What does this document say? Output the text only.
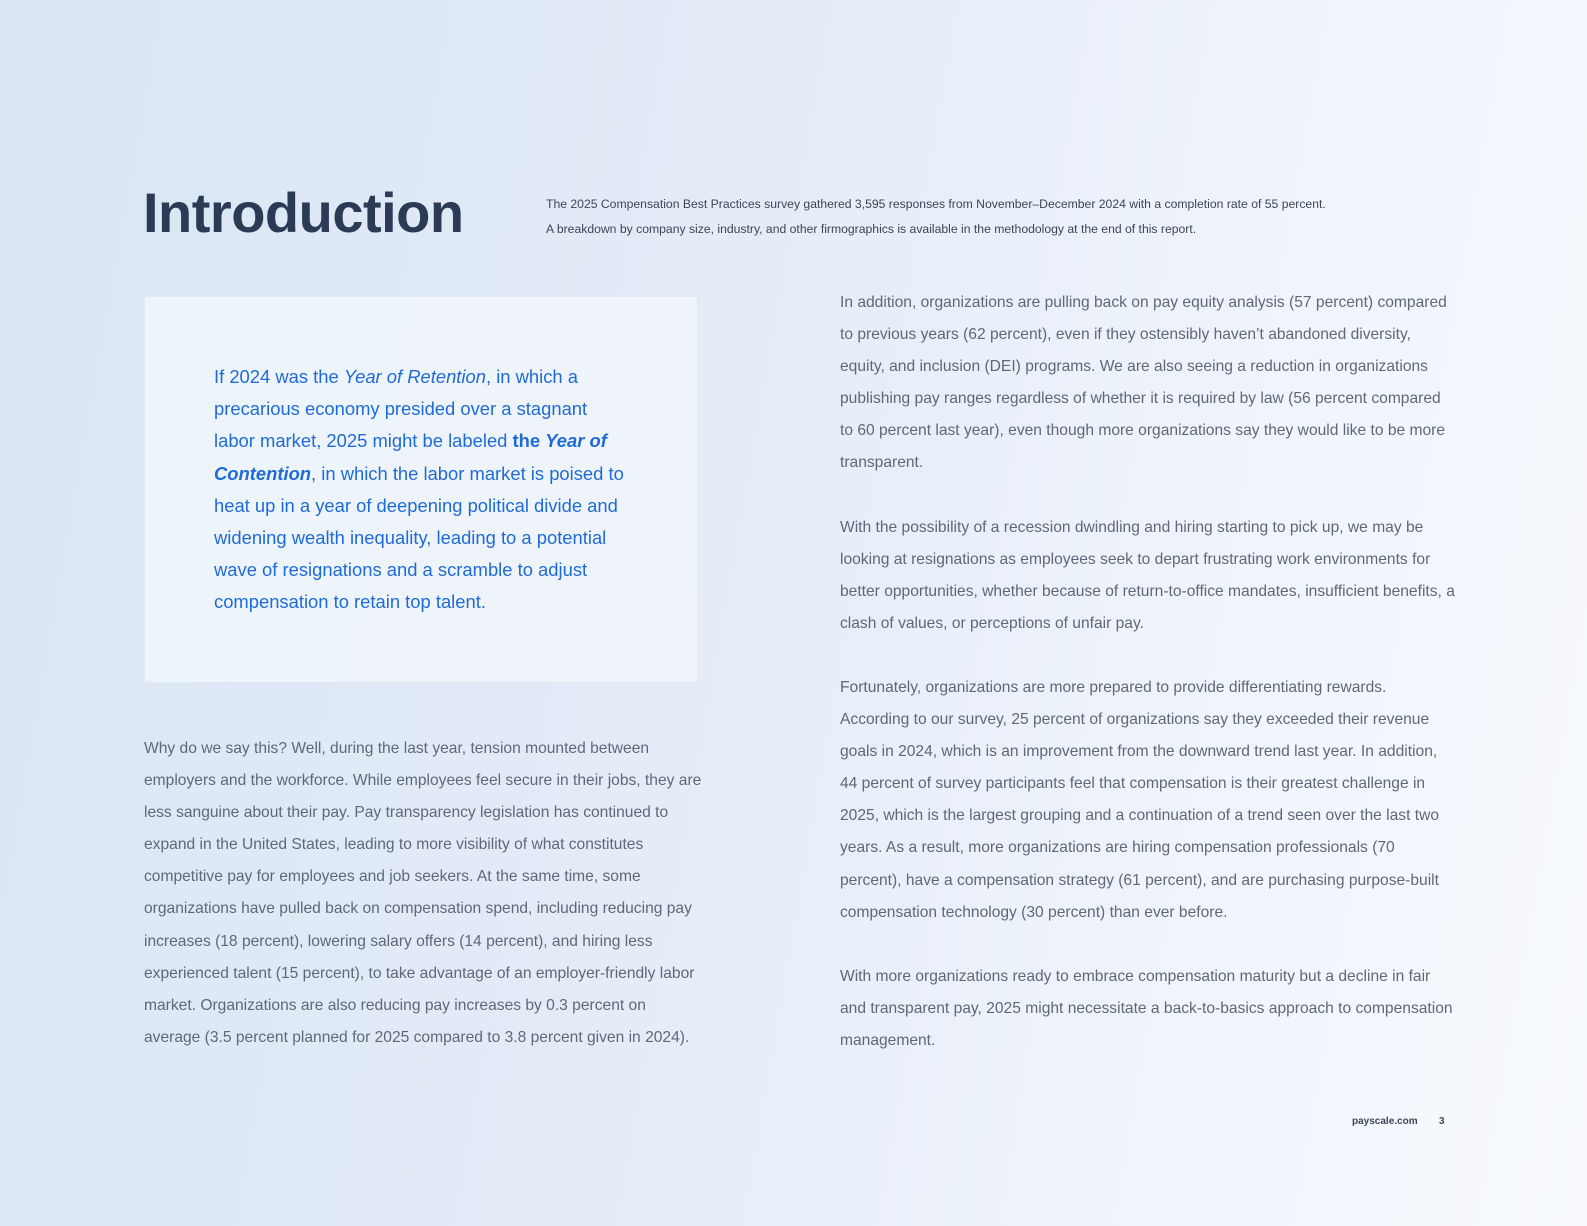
Introduction	The 2025 Compensation Best Practices survey gathered 3,595 responses from November–December 2024 with a completion rate of 55 percent.

A breakdown by company size, industry, and other firmographics is available in the methodology at the end of this report.

If 2024 was the Year of Retention, in which a precarious economy presided over a stagnant labor market, 2025 might be labeled the Year of Contention, in which the labor market is poised to heat up in a year of deepening political divide and widening wealth inequality, leading to a potential wave of resignations and a scramble to adjust compensation to retain top talent.

Why do we say this? Well, during the last year, tension mounted between employers and the workforce. While employees feel secure in their jobs, they are less sanguine about their pay. Pay transparency legislation has continued to expand in the United States, leading to more visibility of what constitutes competitive pay for employees and job seekers. At the same time, some organizations have pulled back on compensation spend, including reducing pay increases (18 percent), lowering salary offers (14 percent), and hiring less experienced talent (15 percent), to take advantage of an employer-friendly labor market. Organizations are also reducing pay increases by 0.3 percent on average (3.5 percent planned for 2025 compared to 3.8 percent given in 2024).

In addition, organizations are pulling back on pay equity analysis (57 percent) compared to previous years (62 percent), even if they ostensibly haven’t abandoned diversity, equity, and inclusion (DEI) programs. We are also seeing a reduction in organizations publishing pay ranges regardless of whether it is required by law (56 percent compared to 60 percent last year), even though more organizations say they would like to be more transparent.

With the possibility of a recession dwindling and hiring starting to pick up, we may be looking at resignations as employees seek to depart frustrating work environments for better opportunities, whether because of return-to-office mandates, insufficient benefits, a clash of values, or perceptions of unfair pay.

Fortunately, organizations are more prepared to provide differentiating rewards. According to our survey, 25 percent of organizations say they exceeded their revenue goals in 2024, which is an improvement from the downward trend last year. In addition, 44 percent of survey participants feel that compensation is their greatest challenge in 2025, which is the largest grouping and a continuation of a trend seen over the last two years. As a result, more organizations are hiring compensation professionals (70 percent), have a compensation strategy (61 percent), and are purchasing purpose-built compensation technology (30 percent) than ever before.

With more organizations ready to embrace compensation maturity but a decline in fair and transparent pay, 2025 might necessitate a back-to-basics approach to compensation management.

payscale.com 3
